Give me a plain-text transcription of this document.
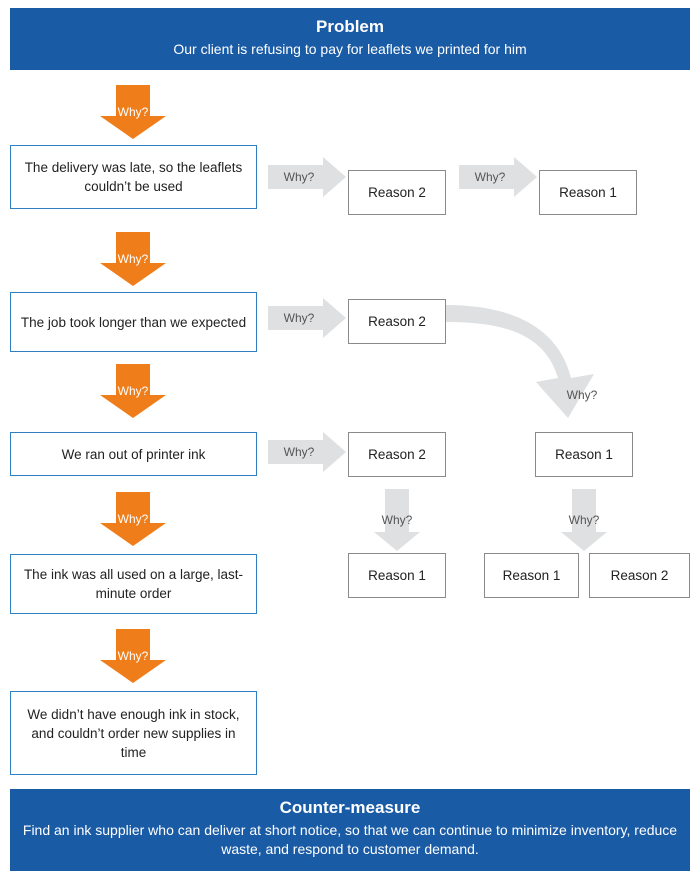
Problem
Our client is refusing to pay for leaflets we printed for him
Why?
Why?
Why?
Why?
Why?
The delivery was late, so the leaflets couldn’t be used
The job took longer than we expected
We ran out of printer ink
The ink was all used on a large, last-minute order
We didn’t have enough ink in stock, and couldn’t order new supplies in time
Why?
Reason 2
Why?
Reason 1
Why?	Reason 2
Why?
Why?	Reason 2	Reason 1
Why?	Why?
Reason 1	Reason 1	Reason 2
Counter-measure
Find an ink supplier who can deliver at short notice, so that we can continue to minimize inventory, reduce waste, and respond to customer demand.
